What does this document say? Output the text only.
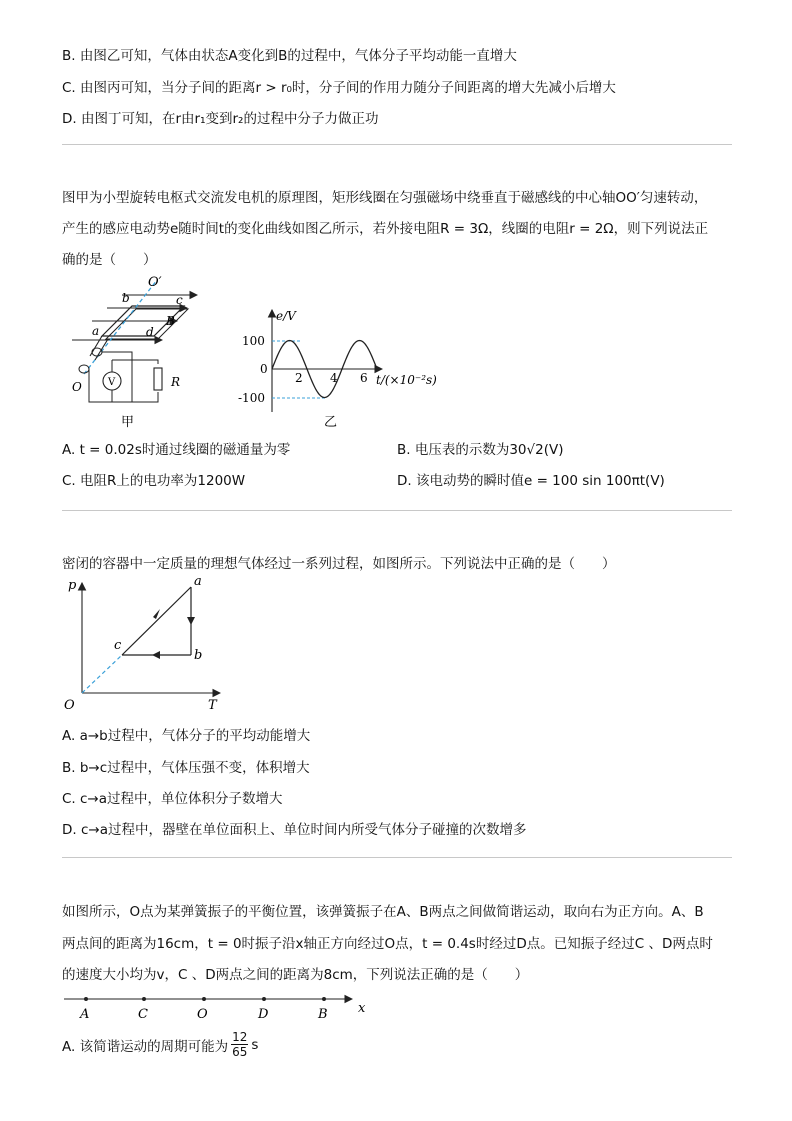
B. 由图乙可知，气体由状态A变化到B的过程中，气体分子平均动能一直增大
C. 由图丙可知，当分子间的距离r > r₀时，分子间的作用力随分子间距离的增大先减小后增大
D. 由图丁可知，在r由r₁变到r₂的过程中分子力做正功
图甲为小型旋转电枢式交流发电机的原理图，矩形线圈在匀强磁场中绕垂直于磁感线的中心轴OO′匀速转动，
产生的感应电动势e随时间t的变化曲线如图乙所示，若外接电阻R = 3Ω，线圈的电阻r = 2Ω，则下列说法正
确的是（　　）
O′
b	c
a	d
B
O	V	R
甲
e/V
t/(×10⁻²s)
100
0
-100
2 4 6
乙
A. t = 0.02s时通过线圈的磁通量为零	B. 电压表的示数为30√2(V)
C. 电阻R上的电功率为1200W	D. 该电动势的瞬时值e = 100 sin 100πt(V)
密闭的容器中一定质量的理想气体经过一系列过程，如图所示。下列说法中正确的是（　　）
p
T
O
a
b
c
A. a→b过程中，气体分子的平均动能增大
B. b→c过程中，气体压强不变，体积增大
C. c→a过程中，单位体积分子数增大
D. c→a过程中，器壁在单位面积上、单位时间内所受气体分子碰撞的次数增多
如图所示，O点为某弹簧振子的平衡位置，该弹簧振子在A、B两点之间做简谐运动，取向右为正方向。A、B
两点间的距离为16cm，t = 0时振子沿x轴正方向经过O点，t = 0.4s时经过D点。已知振子经过C 、D两点时
的速度大小均为v，C 、D两点之间的距离为8cm，下列说法正确的是（　　）
A	C	O	D	B x
A. 该简谐运动的周期可能为 $\frac{12}{65}$ s
